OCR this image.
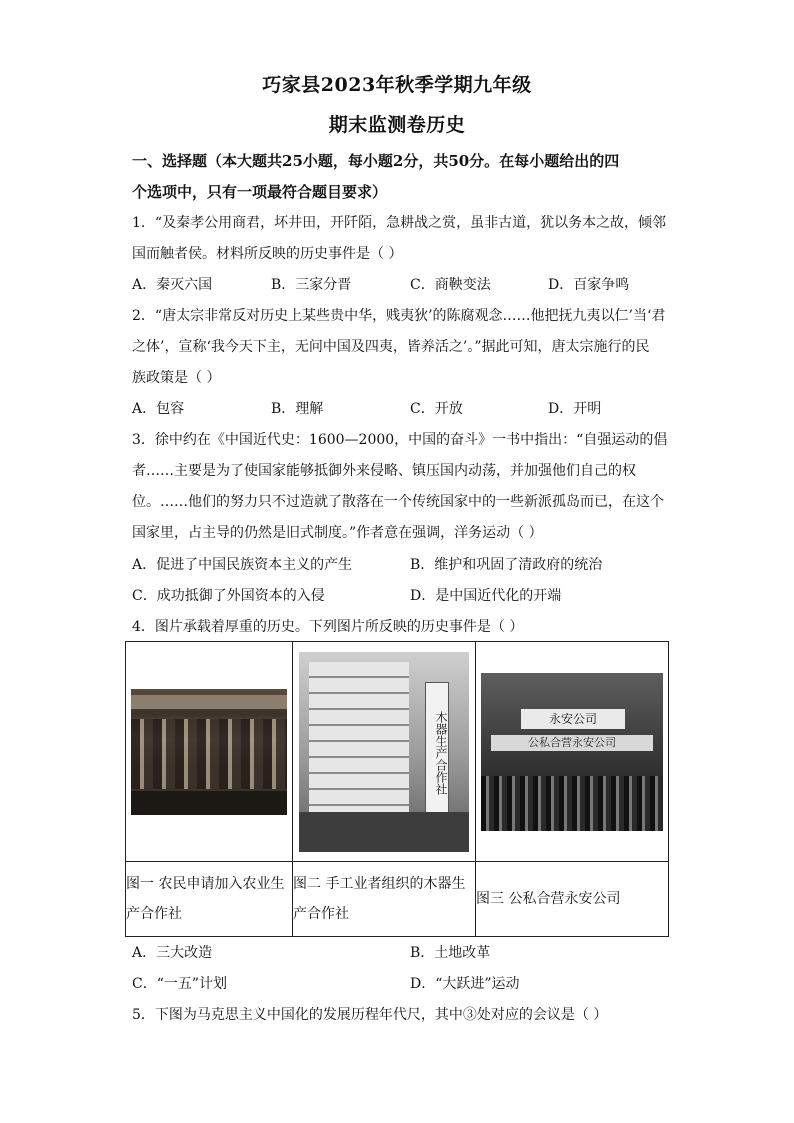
巧家县2023年秋季学期九年级
期末监测卷历史
一、选择题（本大题共25小题，每小题2分，共50分。在每小题给出的四
个选项中，只有一项最符合题目要求）
1．“及秦孝公用商君，坏井田，开阡陌，急耕战之赏，虽非古道，犹以务本之故，倾邻
国而触者侯。材料所反映的历史事件是（ ）
A．秦灭六国	B．三家分晋	C．商鞅变法	D．百家争鸣
2．“唐太宗非常反对历史上某些贵中华，贱夷狄’的陈腐观念……他把抚九夷以仁’当‘君
之体’，宣称‘我今天下主，无问中国及四夷，皆养活之’。”据此可知，唐太宗施行的民
族政策是（ ）
A．包容	B．理解	C．开放	D．开明
3．徐中约在《中国近代史：1600—2000，中国的奋斗》一书中指出：“自强运动的倡
者……主要是为了使国家能够抵御外来侵略、镇压国内动荡，并加强他们自己的权
位。……他们的努力只不过造就了散落在一个传统国家中的一些新派孤岛而已，在这个
国家里，占主导的仍然是旧式制度。”作者意在强调，洋务运动（ ）
A．促进了中国民族资本主义的产生	B．维护和巩固了清政府的统治
C．成功抵御了外国资本的入侵	D．是中国近代化的开端
4．图片承载着厚重的历史。下列图片所反映的历史事件是（ ）

	木器生产合作社	永安公司
公私合营永安公司

图一 农民申请加入农业生产合作社	图二 手工业者组织的木器生产合作社	图三 公私合营永安公司
A．三大改造	B．土地改革
C．“一五”计划	D．“大跃进”运动
5．下图为马克思主义中国化的发展历程年代尺，其中③处对应的会议是（ ）
